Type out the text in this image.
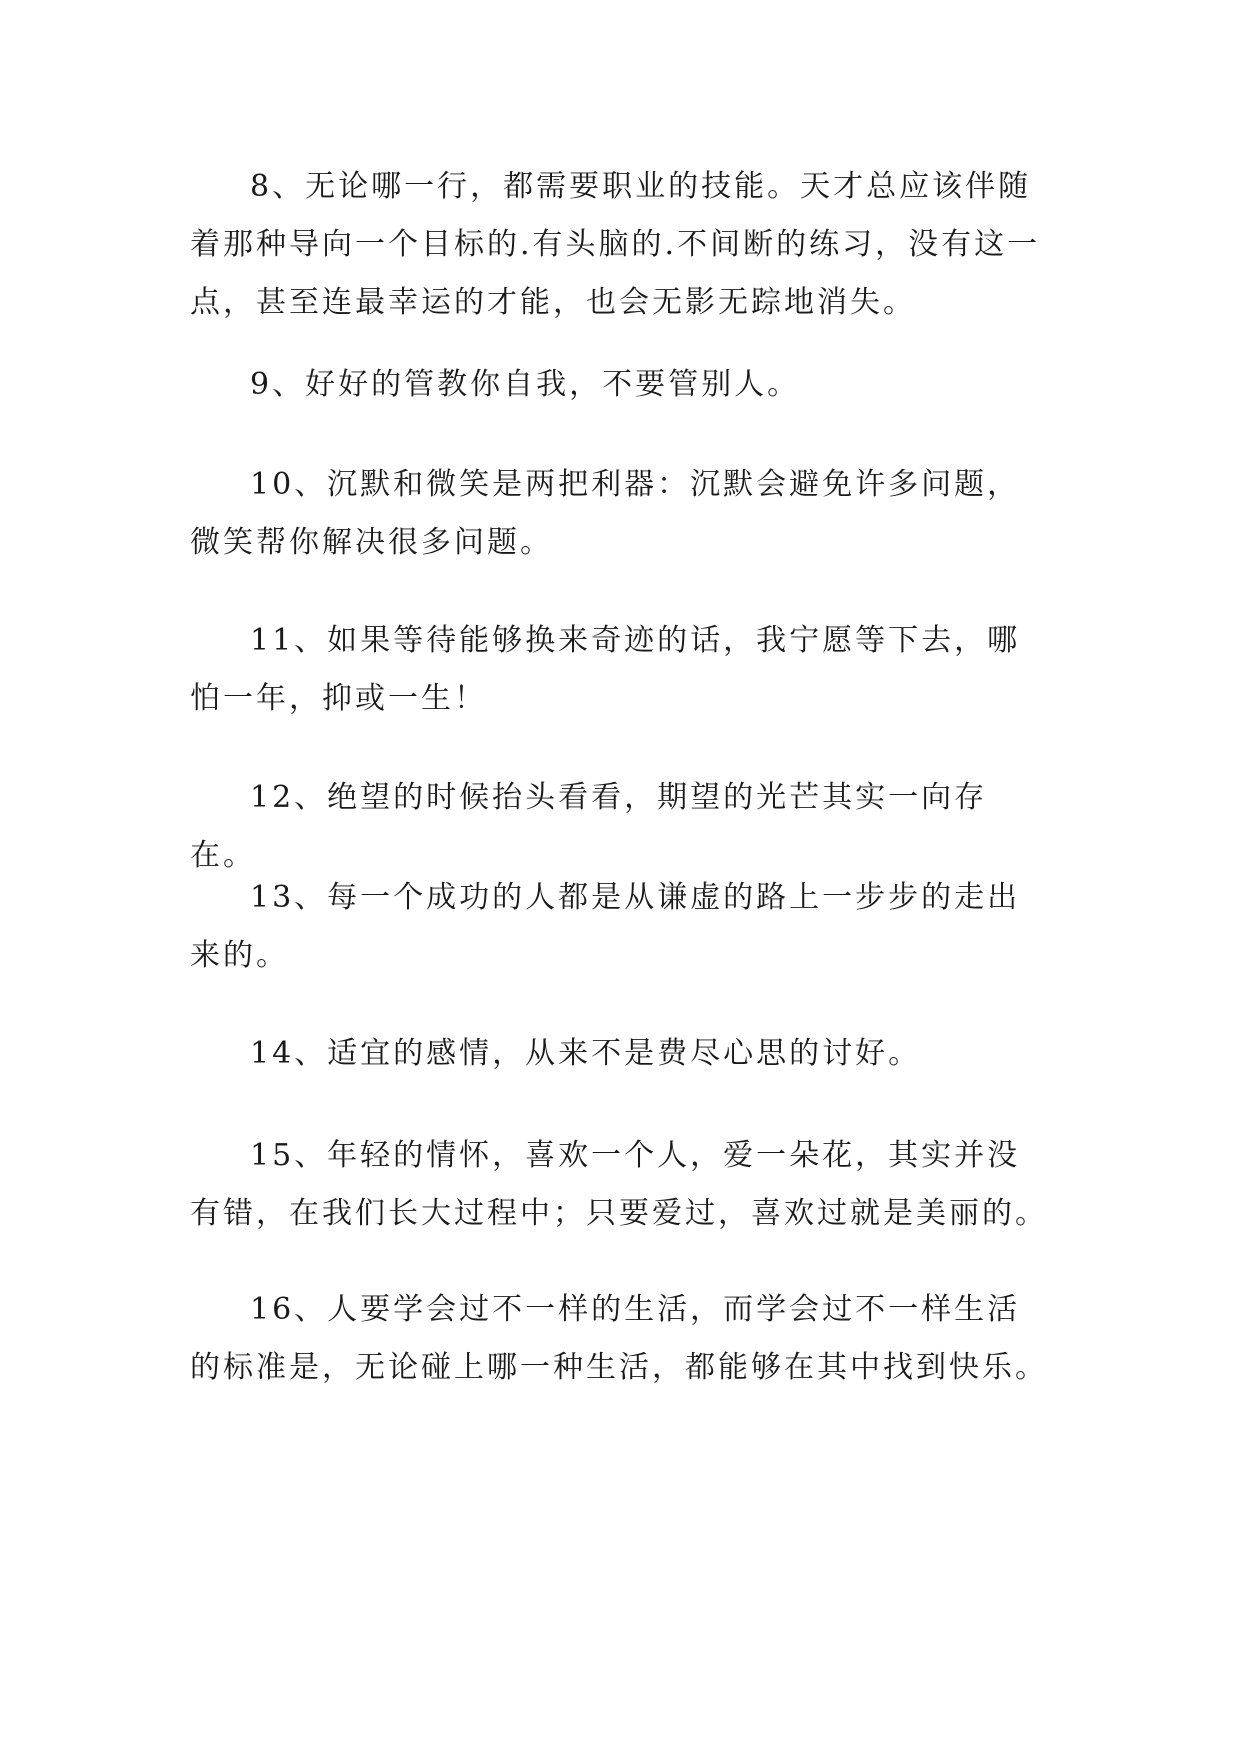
8、无论哪一行，都需要职业的技能。天才总应该伴随着那种导向一个目标的.有头脑的.不间断的练习，没有这一点，甚至连最幸运的才能，也会无影无踪地消失。

9、好好的管教你自我，不要管别人。

10、沉默和微笑是两把利器：沉默会避免许多问题，微笑帮你解决很多问题。

11、如果等待能够换来奇迹的话，我宁愿等下去，哪怕一年，抑或一生！

12、绝望的时候抬头看看，期望的光芒其实一向存在。

13、每一个成功的人都是从谦虚的路上一步步的走出来的。

14、适宜的感情，从来不是费尽心思的讨好。

15、年轻的情怀，喜欢一个人，爱一朵花，其实并没有错，在我们长大过程中；只要爱过，喜欢过就是美丽的。

16、人要学会过不一样的生活，而学会过不一样生活的标准是，无论碰上哪一种生活，都能够在其中找到快乐。
